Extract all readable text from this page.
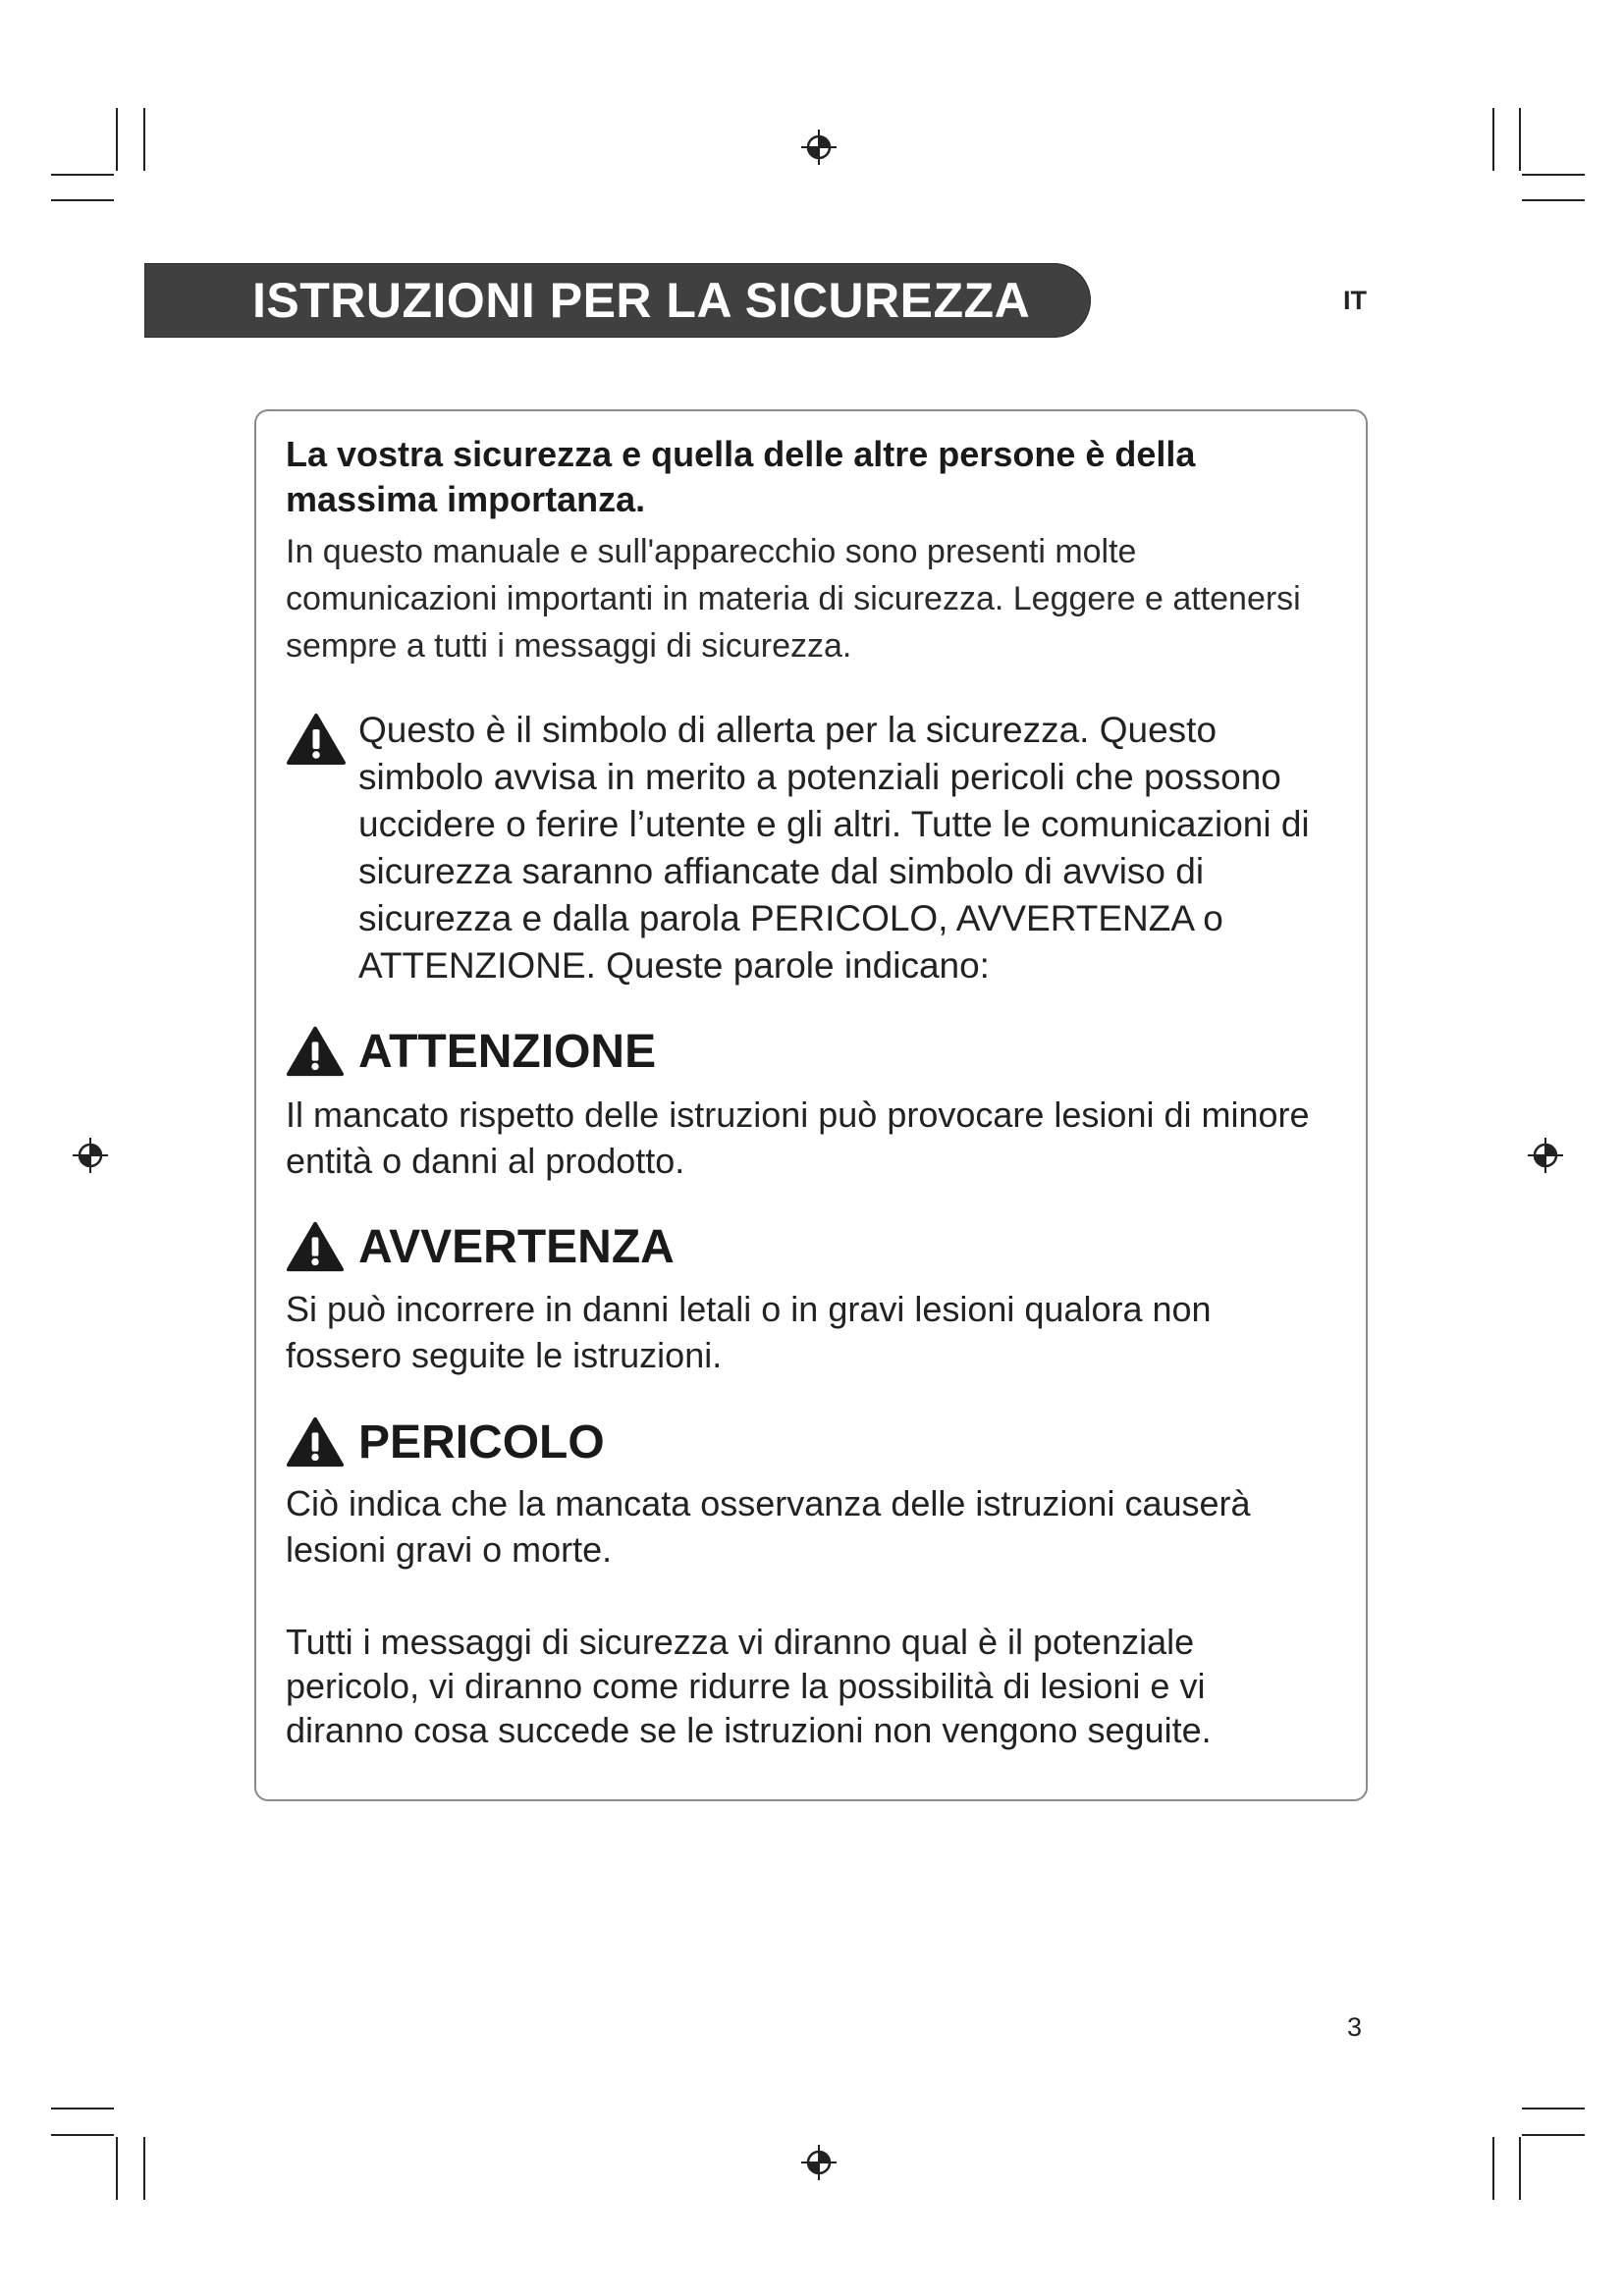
ISTRUZIONI PER LA SICUREZZA	IT

La vostra sicurezza e quella delle altre persone è della massima importanza.

In questo manuale e sull'apparecchio sono presenti molte comunicazioni importanti in materia di sicurezza. Leggere e attenersi sempre a tutti i messaggi di sicurezza.

Questo è il simbolo di allerta per la sicurezza. Questo simbolo avvisa in merito a potenziali pericoli che possono uccidere o ferire l’utente e gli altri. Tutte le comunicazioni di sicurezza saranno affiancate dal simbolo di avviso di sicurezza e dalla parola PERICOLO, AVVERTENZA o ATTENZIONE. Queste parole indicano:

ATTENZIONE

Il mancato rispetto delle istruzioni può provocare lesioni di minore entità o danni al prodotto.

AVVERTENZA

Si può incorrere in danni letali o in gravi lesioni qualora non fossero seguite le istruzioni.

PERICOLO

Ciò indica che la mancata osservanza delle istruzioni causerà lesioni gravi o morte.

Tutti i messaggi di sicurezza vi diranno qual è il potenziale pericolo, vi diranno come ridurre la possibilità di lesioni e vi diranno cosa succede se le istruzioni non vengono seguite.

3
